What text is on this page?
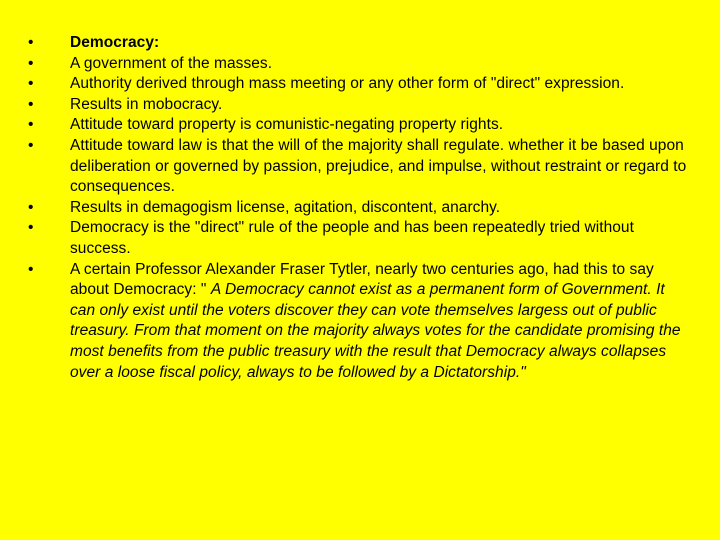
•	Democracy:
•	A government of the masses.
•	Authority derived through mass meeting or any other form of "direct" expression.
•	Results in mobocracy.
•	Attitude toward property is comunistic-negating property rights.
•	Attitude toward law is that the will of the majority shall regulate. whether it be based upon deliberation or governed by passion, prejudice, and impulse, without restraint or regard to consequences.
•	Results in demagogism license, agitation, discontent, anarchy.
•	Democracy is the "direct" rule of the people and has been repeatedly tried without success.
•	A certain Professor Alexander Fraser Tytler, nearly two centuries ago, had this to say about Democracy: " A Democracy cannot exist as a permanent form of Government. It can only exist until the voters discover they can vote themselves largess out of public treasury. From that moment on the majority always votes for the candidate promising the most benefits from the public treasury with the result that Democracy always collapses over a loose fiscal policy, always to be followed by a Dictatorship."
